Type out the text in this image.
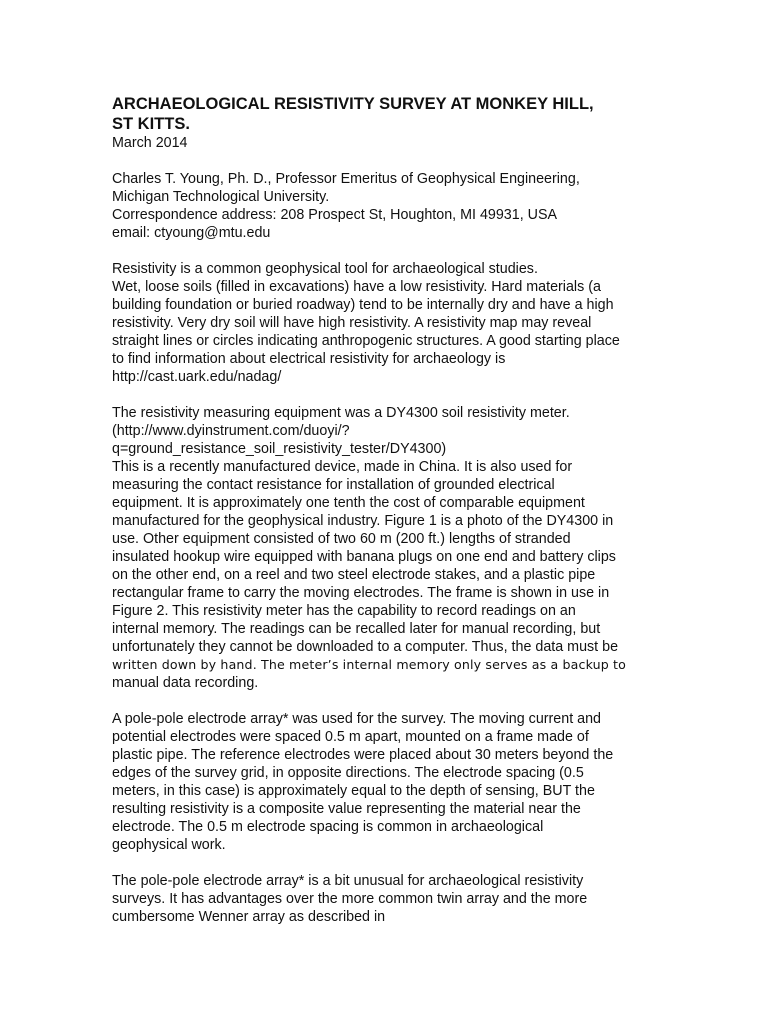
ARCHAEOLOGICAL RESISTIVITY SURVEY AT MONKEY HILL,

ST KITTS.

March 2014

Charles T. Young, Ph. D., Professor Emeritus of Geophysical Engineering,

Michigan Technological University.

Correspondence address: 208 Prospect St, Houghton, MI 49931, USA

email: ctyoung@mtu.edu

Resistivity is a common geophysical tool for archaeological studies.

Wet, loose soils (filled in excavations) have a low resistivity. Hard materials (a

building foundation or buried roadway) tend to be internally dry and have a high

resistivity. Very dry soil will have high resistivity. A resistivity map may reveal

straight lines or circles indicating anthropogenic structures. A good starting place

to find information about electrical resistivity for archaeology is

http://cast.uark.edu/nadag/

The resistivity measuring equipment was a DY4300 soil resistivity meter.

(http://www.dyinstrument.com/duoyi/?

q=ground_resistance_soil_resistivity_tester/DY4300)

This is a recently manufactured device, made in China. It is also used for

measuring the contact resistance for installation of grounded electrical

equipment. It is approximately one tenth the cost of comparable equipment

manufactured for the geophysical industry. Figure 1 is a photo of the DY4300 in

use. Other equipment consisted of two 60 m (200 ft.) lengths of stranded

insulated hookup wire equipped with banana plugs on one end and battery clips

on the other end, on a reel and two steel electrode stakes, and a plastic pipe

rectangular frame to carry the moving electrodes. The frame is shown in use in

Figure 2. This resistivity meter has the capability to record readings on an

internal memory. The readings can be recalled later for manual recording, but

unfortunately they cannot be downloaded to a computer. Thus, the data must be

written down by hand. The meter’s internal memory only serves as a backup to

manual data recording.

A pole-pole electrode array* was used for the survey. The moving current and

potential electrodes were spaced 0.5 m apart, mounted on a frame made of

plastic pipe. The reference electrodes were placed about 30 meters beyond the

edges of the survey grid, in opposite directions. The electrode spacing (0.5

meters, in this case) is approximately equal to the depth of sensing, BUT the

resulting resistivity is a composite value representing the material near the

electrode. The 0.5 m electrode spacing is common in archaeological

geophysical work.

The pole-pole electrode array* is a bit unusual for archaeological resistivity

surveys. It has advantages over the more common twin array and the more

cumbersome Wenner array as described in
